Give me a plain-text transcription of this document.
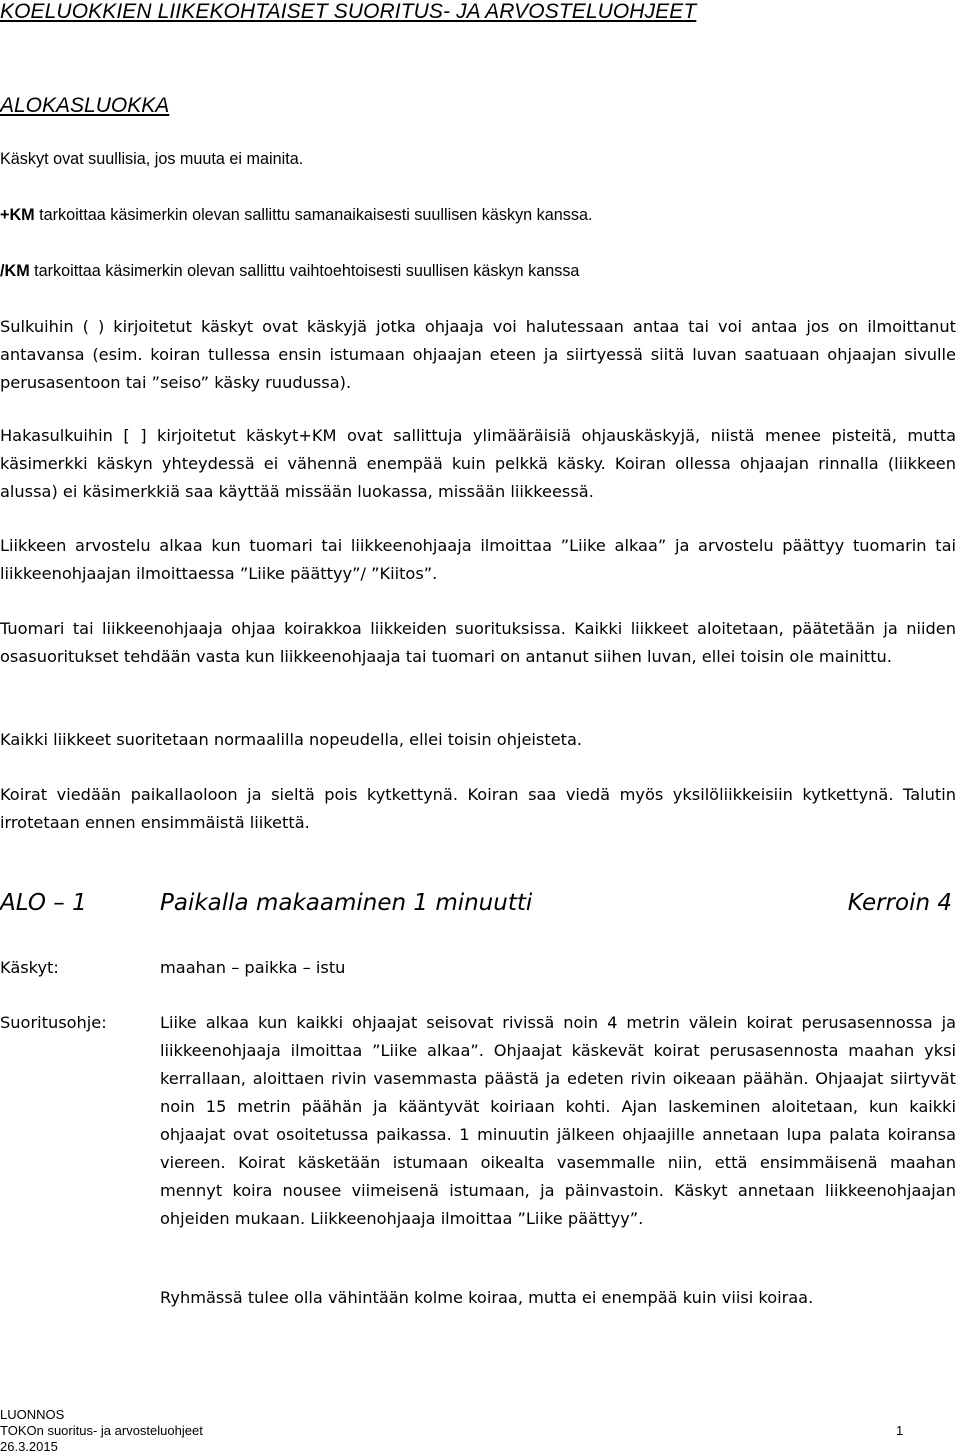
KOELUOKKIEN LIIKEKOHTAISET SUORITUS- JA ARVOSTELUOHJEET
ALOKASLUOKKA
Käskyt ovat suullisia, jos muuta ei mainita.
+KM tarkoittaa käsimerkin olevan sallittu samanaikaisesti suullisen käskyn kanssa.
/KM tarkoittaa käsimerkin olevan sallittu vaihtoehtoisesti suullisen käskyn kanssa
Sulkuihin ( ) kirjoitetut käskyt ovat käskyjä jotka ohjaaja voi halutessaan antaa tai voi antaa jos on ilmoittanut antavansa (esim. koiran tullessa ensin istumaan ohjaajan eteen ja siirtyessä siitä luvan saatuaan ohjaajan sivulle perusasentoon tai ”seiso” käsky ruudussa).
Hakasulkuihin [ ] kirjoitetut käskyt+KM ovat sallittuja ylimääräisiä ohjauskäskyjä, niistä menee pisteitä, mutta käsimerkki käskyn yhteydessä ei vähennä enempää kuin pelkkä käsky. Koiran ollessa ohjaajan rinnalla (liikkeen alussa) ei käsimerkkiä saa käyttää missään luokassa, missään liikkeessä.
Liikkeen arvostelu alkaa kun tuomari tai liikkeenohjaaja ilmoittaa ”Liike alkaa” ja arvostelu päättyy tuomarin tai liikkeenohjaajan ilmoittaessa ”Liike päättyy”/ ”Kiitos”.
Tuomari tai liikkeenohjaaja ohjaa koirakkoa liikkeiden suorituksissa. Kaikki liikkeet aloitetaan, päätetään ja niiden osasuoritukset tehdään vasta kun liikkeenohjaaja tai tuomari on antanut siihen luvan, ellei toisin ole mainittu.
Kaikki liikkeet suoritetaan normaalilla nopeudella, ellei toisin ohjeisteta.
Koirat viedään paikallaoloon ja sieltä pois kytkettynä. Koiran saa viedä myös yksilöliikkeisiin kytkettynä. Talutin irrotetaan ennen ensimmäistä liikettä.
ALO – 1	Paikalla makaaminen 1 minuutti	Kerroin 4
Käskyt:	maahan – paikka – istu
Suoritusohje:	Liike alkaa kun kaikki ohjaajat seisovat rivissä noin 4 metrin välein koirat perusasennossa ja liikkeenohjaaja ilmoittaa ”Liike alkaa”. Ohjaajat käskevät koirat perusasennosta maahan yksi kerrallaan, aloittaen rivin vasemmasta päästä ja edeten rivin oikeaan päähän. Ohjaajat siirtyvät noin 15 metrin päähän ja kääntyvät koiriaan kohti. Ajan laskeminen aloitetaan, kun kaikki ohjaajat ovat osoitetussa paikassa. 1 minuutin jälkeen ohjaajille annetaan lupa palata koiransa viereen. Koirat käsketään istumaan oikealta vasemmalle niin, että ensimmäisenä maahan mennyt koira nousee viimeisenä istumaan, ja päinvastoin. Käskyt annetaan liikkeenohjaajan ohjeiden mukaan. Liikkeenohjaaja ilmoittaa ”Liike päättyy”.
Ryhmässä tulee olla vähintään kolme koiraa, mutta ei enempää kuin viisi koiraa.
LUONNOS
TOKOn suoritus- ja arvosteluohjeet	1
26.3.2015
